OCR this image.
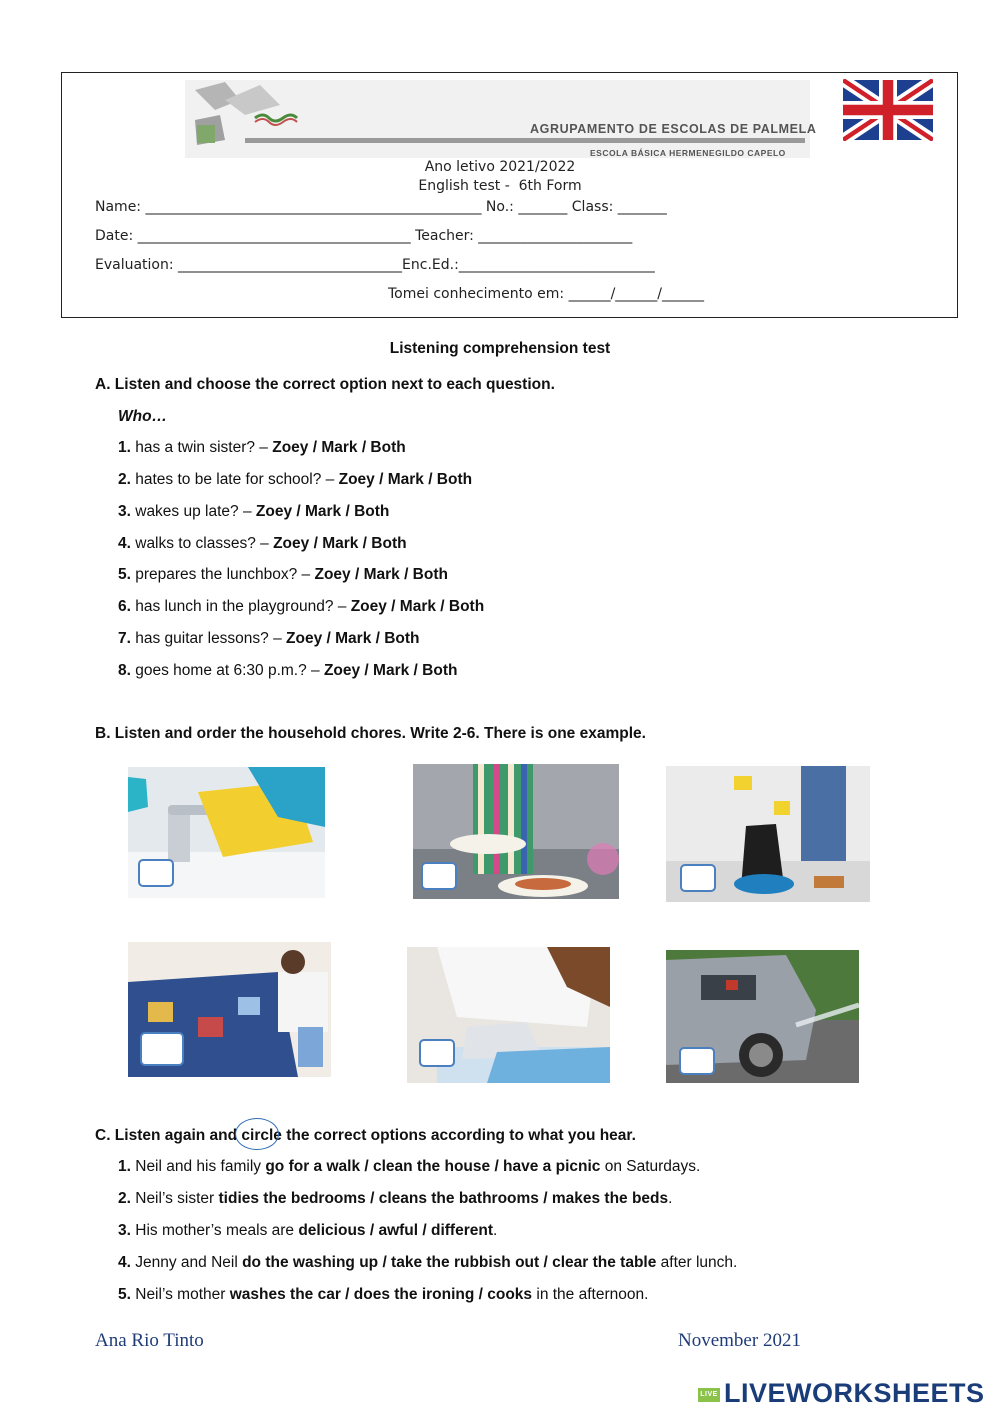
AGRUPAMENTO DE ESCOLAS DE PALMELA
ESCOLA BÁSICA HERMENEGILDO CAPELO
Ano letivo 2021/2022
English test -  6th Form
Name: ________________________________________________ No.: _______ Class: _______
Date: _______________________________________ Teacher: ______________________
Evaluation: ________________________________Enc.Ed.:____________________________
Tomei conhecimento em: ______/______/______
Listening comprehension test
A. Listen and choose the correct option next to each question.
Who…
1. has a twin sister? – Zoey / Mark / Both
2. hates to be late for school? – Zoey / Mark / Both
3. wakes up late? – Zoey / Mark / Both
4. walks to classes? – Zoey / Mark / Both
5. prepares the lunchbox? – Zoey / Mark / Both
6. has lunch in the playground? – Zoey / Mark / Both
7. has guitar lessons? – Zoey / Mark / Both
8. goes home at 6:30 p.m.? – Zoey / Mark / Both
B. Listen and order the household chores. Write 2-6. There is one example.
C. Listen again and circle the correct options according to what you hear.
1. Neil and his family go for a walk / clean the house / have a picnic on Saturdays.
2. Neil’s sister tidies the bedrooms / cleans the bathrooms / makes the beds.
3. His mother’s meals are delicious / awful / different.
4. Jenny and Neil do the washing up / take the rubbish out / clear the table after lunch.
5. Neil’s mother washes the car / does the ironing / cooks in the afternoon.
Ana Rio Tinto	November 2021
LIVE LIVEWORKSHEETS
